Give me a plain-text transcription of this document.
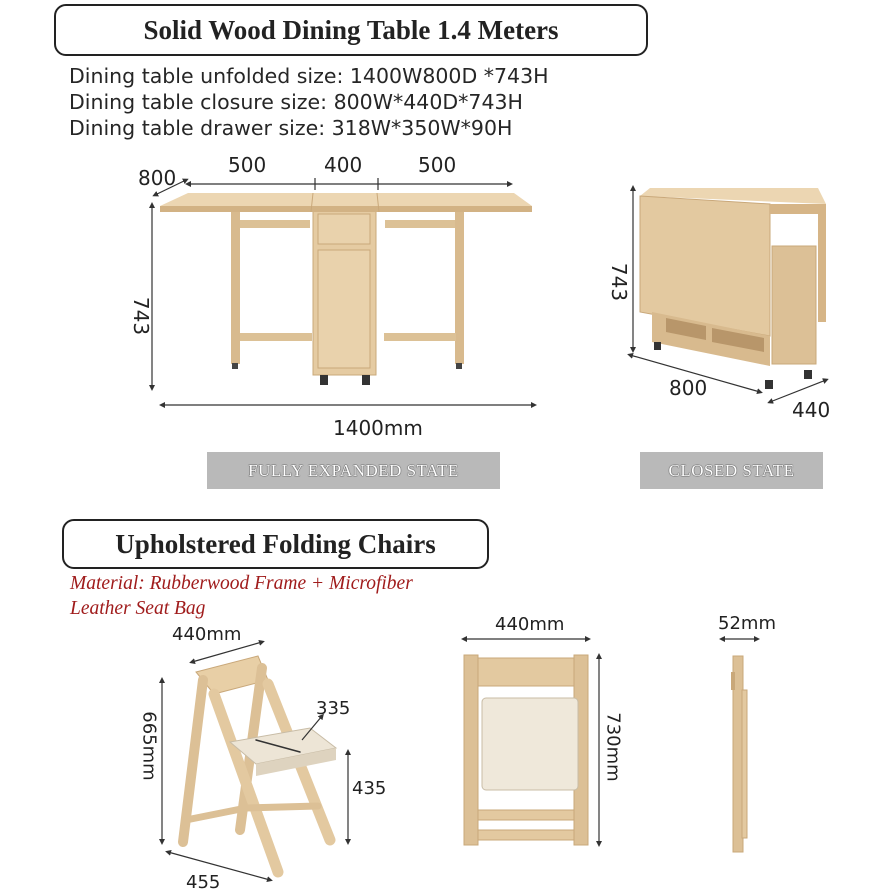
Solid Wood Dining Table 1.4 Meters
Dining table unfolded size: 1400W800D *743H
Dining table closure size: 800W*440D*743H
Dining table drawer size: 318W*350W*90H
800
500	400	500
743
1400mm
FULLY EXPANDED STATE
743
800
440
CLOSED STATE
Upholstered Folding Chairs
Material: Rubberwood Frame + Microfiber
Leather Seat Bag
440mm
665mm
335
435
455
440mm
730mm
52mm
